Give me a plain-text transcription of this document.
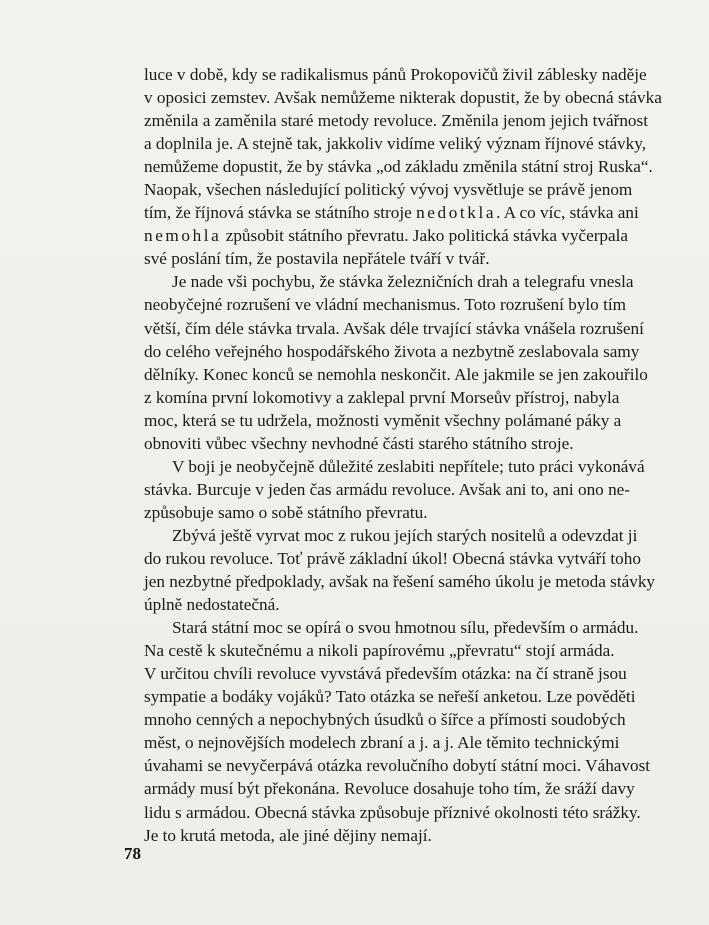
luce v době, kdy se radikalismus pánů Prokopovičů živil záblesky naděje
v oposici zemstev. Avšak nemůžeme nikterak dopustit, že by obecná stávka
změnila a zaměnila staré metody revoluce. Změnila jenom jejich tvářnost
a doplnila je. A stejně tak, jakkoliv vidíme veliký význam říjnové stávky,
nemůžeme dopustit, že by stávka „od základu změnila státní stroj Ruska“.
Naopak, všechen následující politický vývoj vysvětluje se právě jenom
tím, že říjnová stávka se státního stroje nedotkla. A co víc, stávka ani
nemohla způsobit státního převratu. Jako politická stávka vyčerpala
své poslání tím, že postavila nepřátele tváří v tvář.
Je nade vši pochybu, že stávka železničních drah a telegrafu vnesla
neobyčejné rozrušení ve vládní mechanismus. Toto rozrušení bylo tím
větší, čím déle stávka trvala. Avšak déle trvající stávka vnášela rozrušení
do celého veřejného hospodářského života a nezbytně zeslabovala samy
dělníky. Konec konců se nemohla neskončit. Ale jakmile se jen zakouřilo
z komína první lokomotivy a zaklepal první Morseův přístroj, nabyla
moc, která se tu udržela, možnosti vyměnit všechny polámané páky a
obnoviti vůbec všechny nevhodné části starého státního stroje.
V boji je neobyčejně důležité zeslabiti nepřítele; tuto práci vykonává
stávka. Burcuje v jeden čas armádu revoluce. Avšak ani to, ani ono ne-
způsobuje samo o sobě státního převratu.
Zbývá ještě vyrvat moc z rukou jejích starých nositelů a odevzdat ji
do rukou revoluce. Toť právě základní úkol! Obecná stávka vytváří toho
jen nezbytné předpoklady, avšak na řešení samého úkolu je metoda stávky
úplně nedostatečná.
Stará státní moc se opírá o svou hmotnou sílu, především o armádu.
Na cestě k skutečnému a nikoli papírovému „převratu“ stojí armáda.
V určitou chvíli revoluce vyvstává především otázka: na čí straně jsou
sympatie a bodáky vojáků? Tato otázka se neřeší anketou. Lze pověděti
mnoho cenných a nepochybných úsudků o šířce a přímosti soudobých
měst, o nejnovějších modelech zbraní a j. a j. Ale těmito technickými
úvahami se nevyčerpává otázka revolučního dobytí státní moci. Váhavost
armády musí být překonána. Revoluce dosahuje toho tím, že sráží davy
lidu s armádou. Obecná stávka způsobuje příznivé okolnosti této srážky.
Je to krutá metoda, ale jiné dějiny nemají.
78
